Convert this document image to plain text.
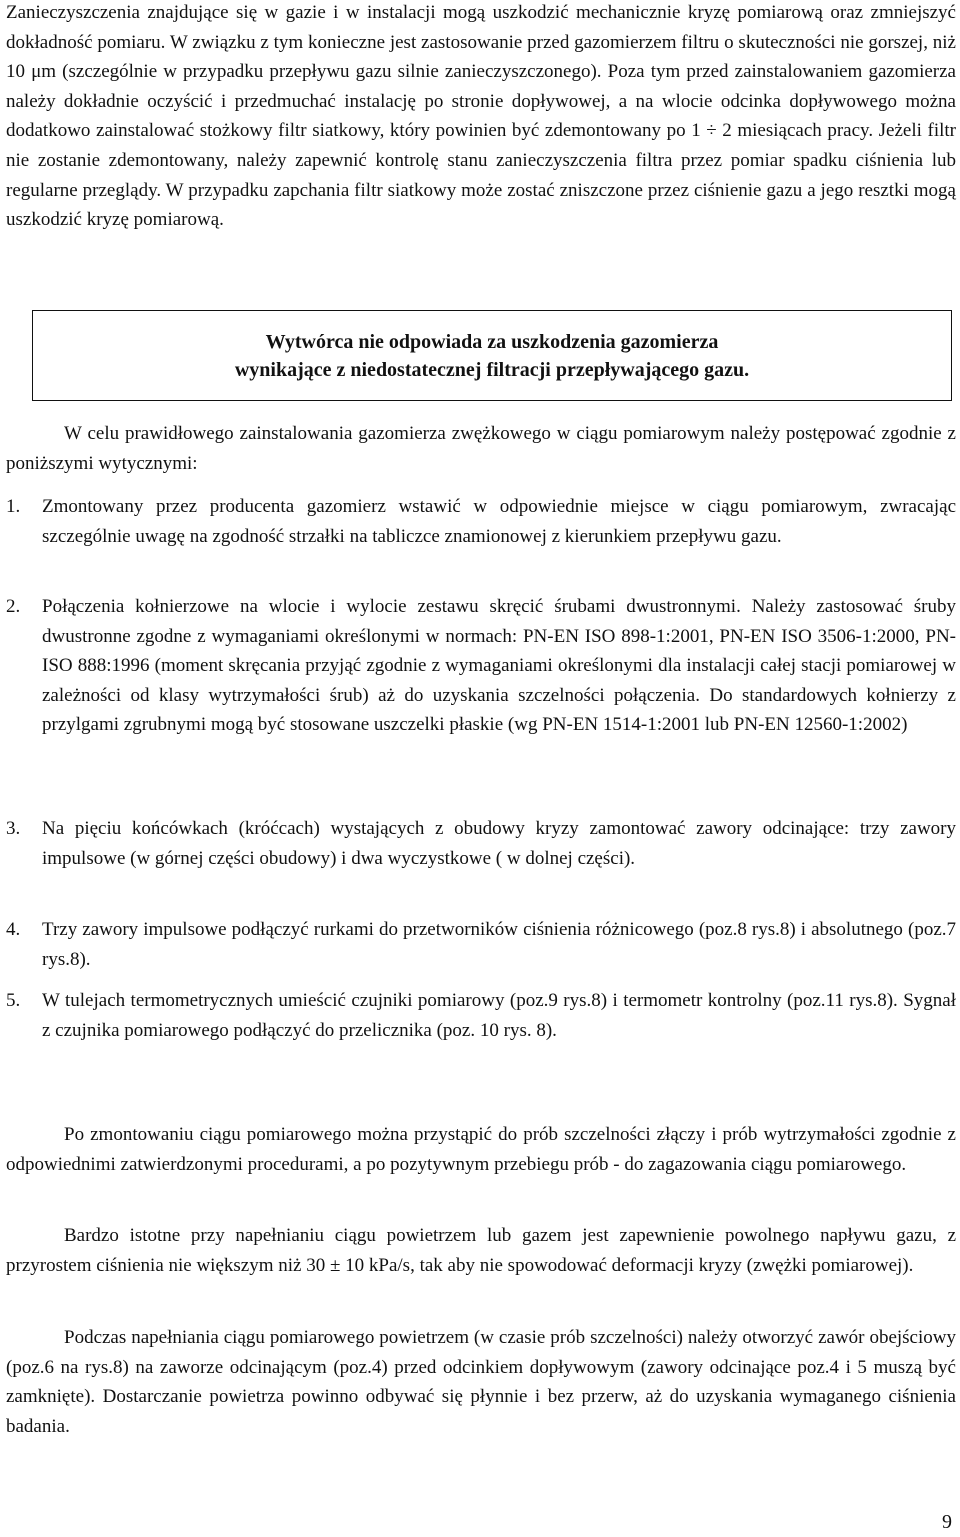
Zanieczyszczenia znajdujące się w gazie i w instalacji mogą uszkodzić mechanicznie kryzę pomiarową oraz zmniejszyć dokładność pomiaru. W związku z tym konieczne jest zastosowanie przed gazomierzem filtru o skuteczności nie gorszej, niż 10 μm (szczególnie w przypadku przepływu gazu silnie zanieczyszczonego). Poza tym przed zainstalowaniem gazomierza należy dokładnie oczyścić i przedmuchać instalację po stronie dopływowej, a na wlocie odcinka dopływowego można dodatkowo zainstalować stożkowy filtr siatkowy, który powinien być zdemontowany po 1 ÷ 2 miesiącach pracy. Jeżeli filtr nie zostanie zdemontowany, należy zapewnić kontrolę stanu zanieczyszczenia filtra przez pomiar spadku ciśnienia lub regularne przeglądy. W przypadku zapchania filtr siatkowy może zostać zniszczone przez ciśnienie gazu a jego resztki mogą uszkodzić kryzę pomiarową.

Wytwórca nie odpowiada za uszkodzenia gazomierza
wynikające z niedostatecznej filtracji przepływającego gazu.

W celu prawidłowego zainstalowania gazomierza zwężkowego w ciągu pomiarowym należy postępować zgodnie z poniższymi wytycznymi:

1.	Zmontowany przez producenta gazomierz wstawić w odpowiednie miejsce w ciągu pomiarowym, zwracając szczególnie uwagę na zgodność strzałki na tabliczce znamionowej z kierunkiem przepływu gazu.
2.	Połączenia kołnierzowe na wlocie i wylocie zestawu skręcić śrubami dwustronnymi. Należy zastosować śruby dwustronne zgodne z wymaganiami określonymi w normach: PN-EN ISO 898-1:2001, PN-EN ISO 3506-1:2000, PN-ISO 888:1996 (moment skręcania przyjąć zgodnie z wymaganiami określonymi dla instalacji całej stacji pomiarowej w zależności od klasy wytrzymałości śrub) aż do uzyskania szczelności połączenia. Do standardowych kołnierzy z przylgami zgrubnymi mogą być stosowane uszczelki płaskie (wg PN-EN 1514-1:2001 lub PN-EN 12560-1:2002)
3.	Na pięciu końcówkach (króćcach) wystających z obudowy kryzy zamontować zawory odcinające: trzy zawory impulsowe (w górnej części obudowy) i dwa wyczystkowe ( w dolnej części).
4.	Trzy zawory impulsowe podłączyć rurkami do przetworników ciśnienia różnicowego (poz.8 rys.8) i absolutnego (poz.7 rys.8).
5.	W tulejach termometrycznych umieścić czujniki pomiarowy (poz.9 rys.8) i termometr kontrolny (poz.11 rys.8). Sygnał z czujnika pomiarowego podłączyć do przelicznika (poz. 10 rys. 8).

Po zmontowaniu ciągu pomiarowego można przystąpić do prób szczelności złączy i prób wytrzymałości zgodnie z odpowiednimi zatwierdzonymi procedurami, a po pozytywnym przebiegu prób - do zagazowania ciągu pomiarowego.

Bardzo istotne przy napełnianiu ciągu powietrzem lub gazem jest zapewnienie powolnego napływu gazu, z przyrostem ciśnienia nie większym niż 30 ± 10 kPa/s, tak aby nie spowodować deformacji kryzy (zwężki pomiarowej).

Podczas napełniania ciągu pomiarowego powietrzem (w czasie prób szczelności) należy otworzyć zawór obejściowy (poz.6 na rys.8) na zaworze odcinającym (poz.4) przed odcinkiem dopływowym (zawory odcinające poz.4 i 5 muszą być zamknięte). Dostarczanie powietrza powinno odbywać się płynnie i bez przerw, aż do uzyskania wymaganego ciśnienia badania.

9
